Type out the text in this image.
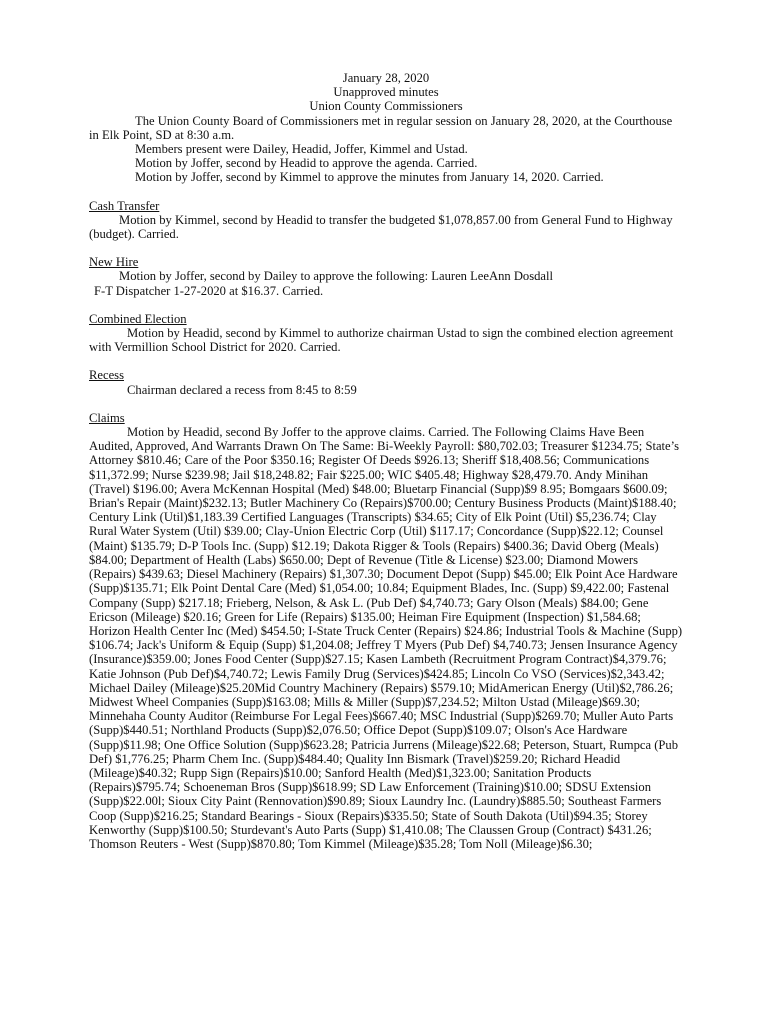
January 28, 2020

Unapproved minutes

Union County Commissioners

The Union County Board of Commissioners met in regular session on January 28, 2020, at the Courthouse in Elk Point, SD at 8:30 a.m.

Members present were Dailey, Headid, Joffer, Kimmel and Ustad.

Motion by Joffer, second by Headid to approve the agenda. Carried.

Motion by Joffer, second by Kimmel to approve the minutes from January 14, 2020. Carried.

Cash Transfer

Motion by Kimmel, second by Headid to transfer the budgeted $1,078,857.00 from General Fund to Highway (budget). Carried.

New Hire

Motion by Joffer, second by Dailey to approve the following: Lauren LeeAnn Dosdall

F-T Dispatcher 1-27-2020 at $16.37. Carried.

Combined Election

Motion by Headid, second by Kimmel to authorize chairman Ustad to sign the combined election agreement with Vermillion School District for 2020. Carried.

Recess

Chairman declared a recess from 8:45 to 8:59

Claims

Motion by Headid, second By Joffer to the approve claims. Carried. The Following Claims Have Been Audited, Approved, And Warrants Drawn On The Same: Bi-Weekly Payroll: $80,702.03; Treasurer $1234.75; State’s Attorney $810.46; Care of the Poor $350.16; Register Of Deeds $926.13; Sheriff $18,408.56; Communications $11,372.99; Nurse $239.98; Jail $18,248.82; Fair $225.00; WIC $405.48; Highway $28,479.70. Andy Minihan (Travel) $196.00; Avera McKennan Hospital (Med) $48.00; Bluetarp Financial (Supp)$9 8.95; Bomgaars $600.09; Brian's Repair (Maint)$232.13; Butler Machinery Co (Repairs)$700.00; Century Business Products (Maint)$188.40; Century Link (Util)$1,183.39 Certified Languages (Transcripts) $34.65; City of Elk Point (Util) $5,236.74; Clay Rural Water System (Util) $39.00; Clay-Union Electric Corp (Util) $117.17; Concordance (Supp)$22.12; Counsel (Maint) $135.79; D-P Tools Inc. (Supp) $12.19; Dakota Rigger & Tools (Repairs) $400.36; David Oberg (Meals) $84.00; Department of Health (Labs) $650.00; Dept of Revenue (Title & License) $23.00; Diamond Mowers (Repairs) $439.63; Diesel Machinery (Repairs) $1,307.30; Document Depot (Supp) $45.00; Elk Point Ace Hardware (Supp)$135.71; Elk Point Dental Care (Med) $1,054.00; 10.84; Equipment Blades, Inc. (Supp) $9,422.00; Fastenal Company (Supp) $217.18; Frieberg, Nelson, & Ask L. (Pub Def) $4,740.73; Gary Olson (Meals) $84.00; Gene Ericson (Mileage) $20.16; Green for Life (Repairs) $135.00; Heiman Fire Equipment (Inspection) $1,584.68; Horizon Health Center Inc (Med) $454.50; I-State Truck Center (Repairs) $24.86; Industrial Tools & Machine (Supp) $106.74; Jack's Uniform & Equip (Supp) $1,204.08; Jeffrey T Myers (Pub Def) $4,740.73; Jensen Insurance Agency (Insurance)$359.00; Jones Food Center (Supp)$27.15; Kasen Lambeth (Recruitment Program Contract)$4,379.76; Katie Johnson (Pub Def)$4,740.72; Lewis Family Drug (Services)$424.85; Lincoln Co VSO (Services)$2,343.42; Michael Dailey (Mileage)$25.20Mid Country Machinery (Repairs) $579.10; MidAmerican Energy (Util)$2,786.26; Midwest Wheel Companies (Supp)$163.08; Mills & Miller (Supp)$7,234.52; Milton Ustad (Mileage)$69.30; Minnehaha County Auditor (Reimburse For Legal Fees)$667.40; MSC Industrial (Supp)$269.70; Muller Auto Parts (Supp)$440.51; Northland Products (Supp)$2,076.50; Office Depot (Supp)$109.07; Olson's Ace Hardware (Supp)$11.98; One Office Solution (Supp)$623.28; Patricia Jurrens (Mileage)$22.68; Peterson, Stuart, Rumpca (Pub Def) $1,776.25; Pharm Chem Inc. (Supp)$484.40; Quality Inn Bismark (Travel)$259.20; Richard Headid (Mileage)$40.32; Rupp Sign (Repairs)$10.00; Sanford Health (Med)$1,323.00; Sanitation Products (Repairs)$795.74; Schoeneman Bros (Supp)$618.99; SD Law Enforcement (Training)$10.00; SDSU Extension (Supp)$22.00l; Sioux City Paint (Rennovation)$90.89; Sioux Laundry Inc. (Laundry)$885.50; Southeast Farmers Coop (Supp)$216.25; Standard Bearings - Sioux (Repairs)$335.50; State of South Dakota (Util)$94.35; Storey Kenworthy (Supp)$100.50; Sturdevant's Auto Parts (Supp) $1,410.08; The Claussen Group (Contract) $431.26; Thomson Reuters - West (Supp)$870.80; Tom Kimmel (Mileage)$35.28; Tom Noll (Mileage)$6.30;
